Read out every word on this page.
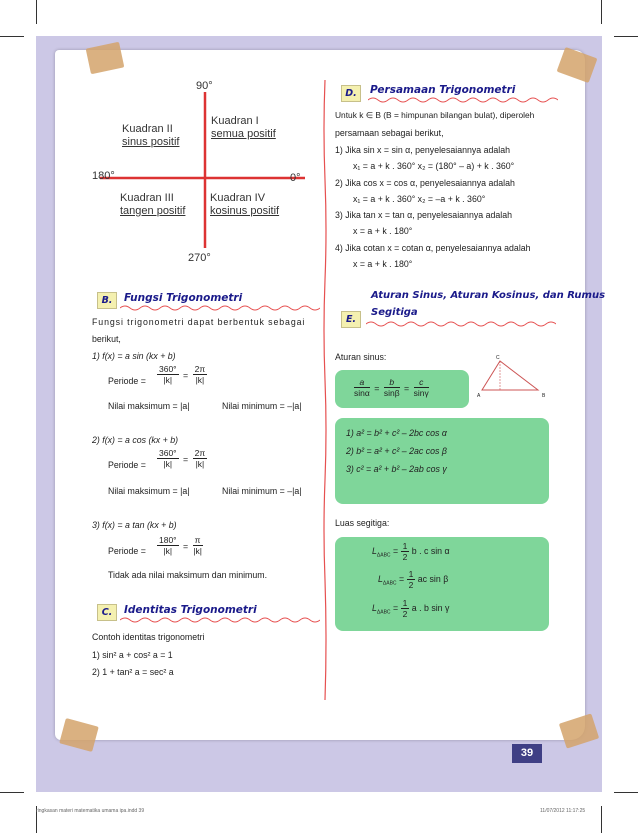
90°
180°	0°
270°
Kuadran II
sinus positif
Kuadran I
semua positif
Kuadran III
tangen positif
Kuadran IV
kosinus positif
B.	Fungsi Trigonometri
Fungsi trigonometri dapat berbentuk sebagai
berikut,
1) f(x) = a sin (kx + b)
Periode = $\frac{360^\circ}{|k|} = \frac{2\pi}{|k|}$
Nilai maksimum = |a|	Nilai minimum = –|a|
2) f(x) = a cos (kx + b)
Periode = $\frac{360^\circ}{|k|} = \frac{2\pi}{|k|}$
Nilai maksimum = |a|	Nilai minimum = –|a|
3) f(x) = a tan (kx + b)
Periode = $\frac{180^\circ}{|k|} = \frac{\pi}{|k|}$
Tidak ada nilai maksimum dan minimum.
C.	Identitas Trigonometri
Contoh identitas trigonometri
1) sin² a + cos² a = 1
2) 1 + tan² a = sec² a
D.	Persamaan Trigonometri
Untuk k ∈ B (B = himpunan bilangan bulat), diperoleh
persamaan sebagai berikut,
1) Jika sin x = sin α, penyelesaiannya adalah
x₁ = a + k . 360° x₂ = (180° – a) + k . 360°
2) Jika cos x = cos α, penyelesaiannya adalah
x₁ = a + k . 360° x₂ = –a + k . 360°
3) Jika tan x = tan α, penyelesaiannya adalah
x = a + k . 180°
4) Jika cotan x = cotan α, penyelesaiannya adalah
x = a + k . 180°
E.
Aturan Sinus, Aturan Kosinus, dan Rumus
Segitiga
Aturan sinus:
$\frac{a}{\sin\alpha} = \frac{b}{\sin\beta} = \frac{c}{\sin\gamma}$
C
A	B
1) a² = b² + c² – 2bc cos α
2) b² = a² + c² – 2ac cos β
3) c² = a² + b² – 2ab cos γ
Luas segitiga:
$L_{\Delta ABC} = \frac{1}{2}$ b . c sin α
$L_{\Delta ABC} = \frac{1}{2}$ ac sin β
$L_{\Delta ABC} = \frac{1}{2}$ a . b sin γ
39
ringkasan materi matematika umama ipa.indd 39	11/07/2012 11:17:25
